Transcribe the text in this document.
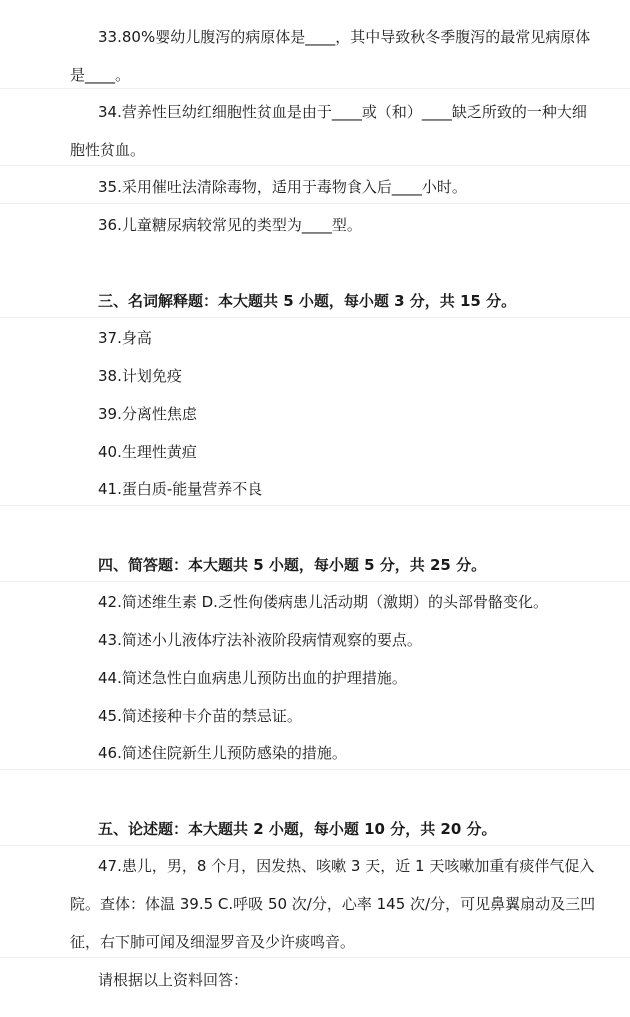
33.80%婴幼儿腹泻的病原体是____，其中导致秋冬季腹泻的最常见病原体
是____。
34.营养性巨幼红细胞性贫血是由于____或（和）____缺乏所致的一种大细
胞性贫血。
35.采用催吐法清除毒物，适用于毒物食入后____小时。
36.儿童糖尿病较常见的类型为____型。
三、名词解释题：本大题共 5 小题，每小题 3 分，共 15 分。
37.身高
38.计划免疫
39.分离性焦虑
40.生理性黄疸
41.蛋白质-能量营养不良
四、简答题：本大题共 5 小题，每小题 5 分，共 25 分。
42.简述维生素 D.乏性佝偻病患儿活动期（激期）的头部骨骼变化。
43.简述小儿液体疗法补液阶段病情观察的要点。
44.简述急性白血病患儿预防出血的护理措施。
45.简述接种卡介苗的禁忌证。
46.简述住院新生儿预防感染的措施。
五、论述题：本大题共 2 小题，每小题 10 分，共 20 分。
47.患儿，男，8 个月，因发热、咳嗽 3 天，近 1 天咳嗽加重有痰伴气促入
院。查体：体温 39.5 C.呼吸 50 次/分，心率 145 次/分，可见鼻翼扇动及三凹
征，右下肺可闻及细湿罗音及少许痰鸣音。
请根据以上资料回答：
